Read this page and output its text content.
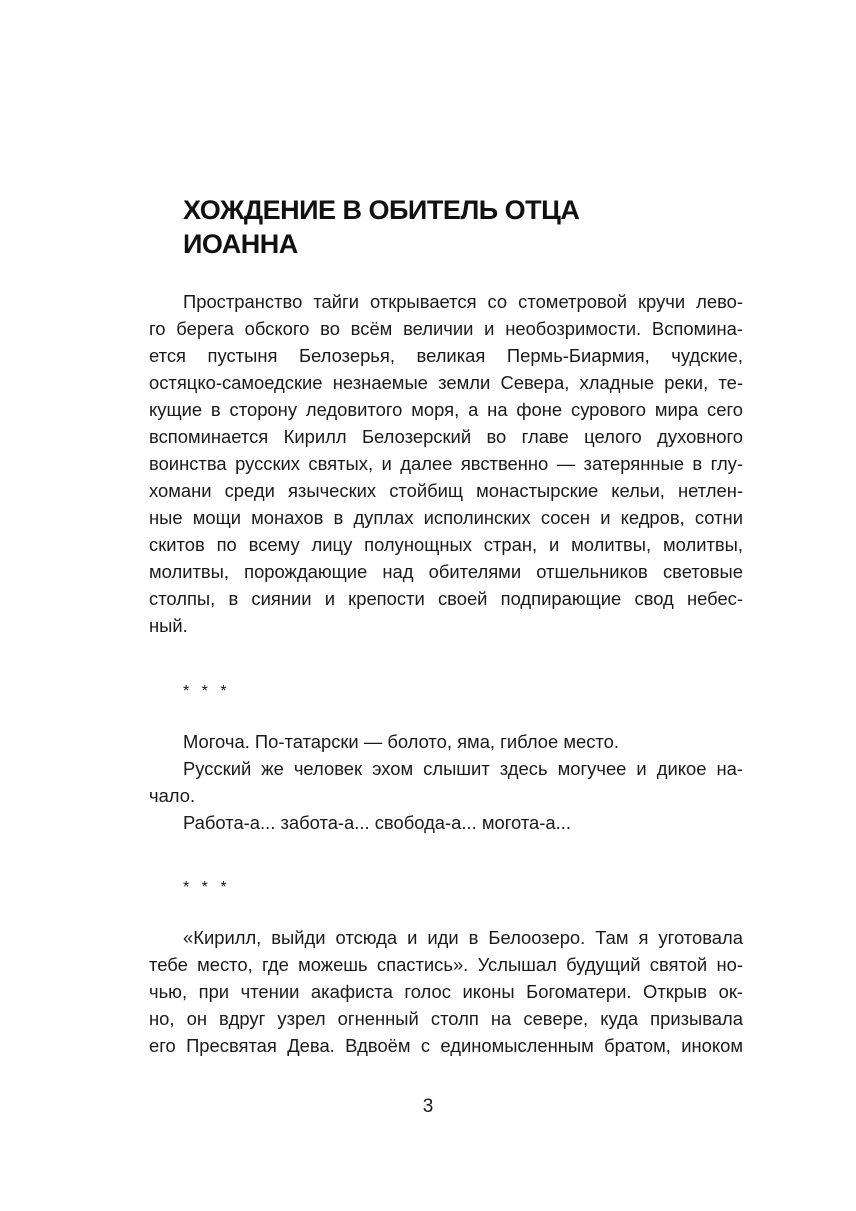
ХОЖДЕНИЕ В ОБИТЕЛЬ ОТЦА
ИОАННА
Пространство тайги открывается со стометровой кручи лево-
го берега обского во всём величии и необозримости. Вспомина-
ется пустыня Белозерья, великая Пермь-Биармия, чудские,
остяцко-самоедские незнаемые земли Севера, хладные реки, те-
кущие в сторону ледовитого моря, а на фоне сурового мира сего
вспоминается Кирилл Белозерский во главе целого духовного
воинства русских святых, и далее явственно — затерянные в глу-
хомани среди языческих стойбищ монастырские кельи, нетлен-
ные мощи монахов в дуплах исполинских сосен и кедров, сотни
скитов по всему лицу полунощных стран, и молитвы, молитвы,
молитвы, порождающие над обителями отшельников световые
столпы, в сиянии и крепости своей подпирающие свод небес-
ный.
* * *
Могоча. По-татарски — болото, яма, гиблое место.
Русский же человек эхом слышит здесь могучее и дикое на-
чало.
Работа-а... забота-а... свобода-а... могота-а...
* * *
«Кирилл, выйди отсюда и иди в Белоозеро. Там я уготовала
тебе место, где можешь спастись». Услышал будущий святой но-
чью, при чтении акафиста голос иконы Богоматери. Открыв ок-
но, он вдруг узрел огненный столп на севере, куда призывала
его Пресвятая Дева. Вдвоём с единомысленным братом, иноком
3
